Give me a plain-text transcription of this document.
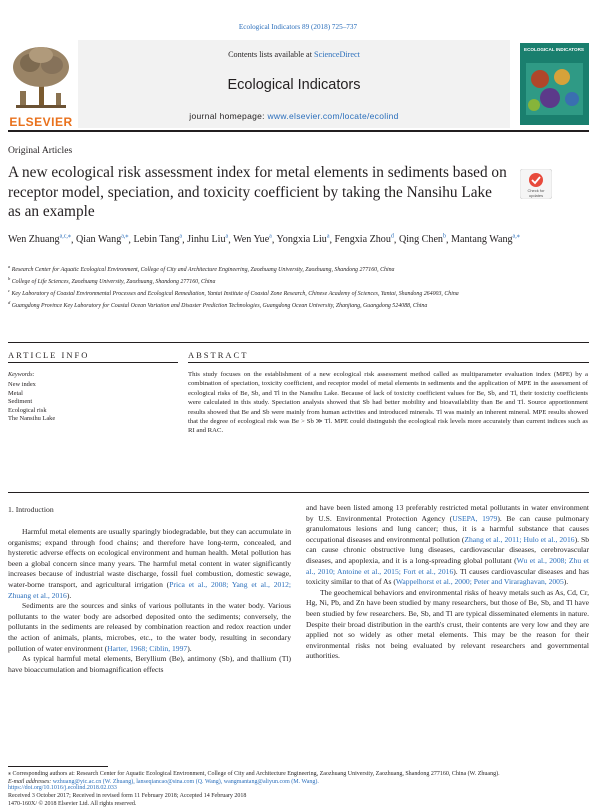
Ecological Indicators 89 (2018) 725–737
ELSEVIER
Contents lists available at ScienceDirect
Ecological Indicators
journal homepage: www.elsevier.com/locate/ecolind
ECOLOGICAL INDICATORS
Original Articles
A new ecological risk assessment index for metal elements in sediments based on receptor model, speciation, and toxicity coefficient by taking the Nansihu Lake as an example
Check for updates
Wen Zhuang$^{a,c,⁎}$, Qian Wang$^{a,⁎}$, Lebin Tang$^a$, Jinhu Liu$^a$, Wen Yue$^a$, Yongxia Liu$^a$, Fengxia Zhou$^d$, Qing Chen$^b$, Mantang Wang$^{a,⁎}$
$^a$ Research Center for Aquatic Ecological Environment, College of City and Architecture Engineering, Zaozhuang University, Zaozhuang, Shandong 277160, China
$^b$ College of Life Sciences, Zaozhuang University, Zaozhuang, Shandong 277160, China
$^c$ Key Laboratory of Coastal Environmental Processes and Ecological Remediation, Yantai Institute of Coastal Zone Research, Chinese Academy of Sciences, Yantai, Shandong 264003, China
$^d$ Guangdong Province Key Laboratory for Coastal Ocean Variation and Disaster Prediction Technologies, Guangdong Ocean University, Zhanjiang, Guangdong 524088, China
ARTICLE INFO	ABSTRACT
Keywords:
New index
Metal
Sediment
Ecological risk
The Nansihu Lake
This study focuses on the establishment of a new ecological risk assessment method called as multiparameter evaluation index (MPE) by a combination of speciation, toxicity coefficient, and receptor model of metal elements in sediments and the application of MPE in the assessment of ecological risks of Be, Sb, and Tl in the Nansihu Lake. Because of lack of toxicity coefficient values for Be, Sb, and Tl, their toxicity coefficients were calculated in this study. Speciation analysis showed that Sb had better mobility and bioavailability than Be and Tl. Source apportionment results showed that Be and Sb were mainly from human activities and introduced minerals. Tl was mainly an inherent mineral. MPE results showed that the degree of ecological risk was Be > Sb ≫ Tl. MPE could distinguish the ecological risk levels more accurately than current indices such as RI and RAC.
1. Introduction

Harmful metal elements are usually sparingly biodegradable, but they can accumulate in organisms; expand through food chains; and therefore have long-term, concealed, and hysteretic adverse effects on ecological environment and human health. Metal pollution has been a global concern since many years. The harmful metal content in water significantly increases because of industrial waste discharge, fossil fuel combustion, domestic sewage, water-borne transport, and agricultural irrigation (Prica et al., 2008; Yang et al., 2012; Zhuang et al., 2016).

Sediments are the sources and sinks of various pollutants in the water body. Various pollutants to the water body are adsorbed deposited onto the sediments; conversely, the pollutants in the sediments are released by combination reaction and redox reaction under the action of animals, plants, microbes, etc., to the water body, resulting in secondary pollution of water environment (Harter, 1968; Ciblin, 1997).

As typical harmful metal elements, Beryllium (Be), antimony (Sb), and thallium (Tl) have bioaccumulation and biomagnification effects

and have been listed among 13 preferably restricted metal pollutants in water environment by U.S. Environmental Protection Agency (USEPA, 1979). Be can cause pulmonary granulomatous lesions and lung cancer; thus, it is a harmful substance that causes occupational diseases and environmental pollution (Zhang et al., 2011; Hulo et al., 2016). Sb can cause chronic obstructive lung diseases, cardiovascular diseases, cerebrovascular diseases, and apoplexia, and it is a long-spreading global pollutant (Wu et al., 2008; Zhu et al., 2010; Antoine et al., 2015; Fort et al., 2016). Tl causes cardiovascular diseases and has toxicity similar to that of As (Wappelhorst et al., 2000; Peter and Viraraghavan, 2005).

The geochemical behaviors and environmental risks of heavy metals such as As, Cd, Cr, Hg, Ni, Pb, and Zn have been studied by many researchers, but those of Be, Sb, and Tl have been studied by few researchers. Be, Sb, and Tl are typical disseminated elements in nature. Despite their broad distribution in the earth's crust, their contents are very low and they are applied not so widely as other metal elements. This may be the reason for their environmental risks not being evaluated by relevant researchers and governmental authorities.

⁎ Corresponding authors at: Research Center for Aquatic Ecological Environment, College of City and Architecture Engineering, Zaozhuang University, Zaozhuang, Shandong 277160, China (W. Zhuang).
E-mail addresses: wzhuang@yic.ac.cn (W. Zhuang), lanseqiancao@sina.com (Q. Wang), wangmantang@aliyun.com (M. Wang).
https://doi.org/10.1016/j.ecolind.2018.02.033
Received 3 October 2017; Received in revised form 11 February 2018; Accepted 14 February 2018
1470-160X/ © 2018 Elsevier Ltd. All rights reserved.
